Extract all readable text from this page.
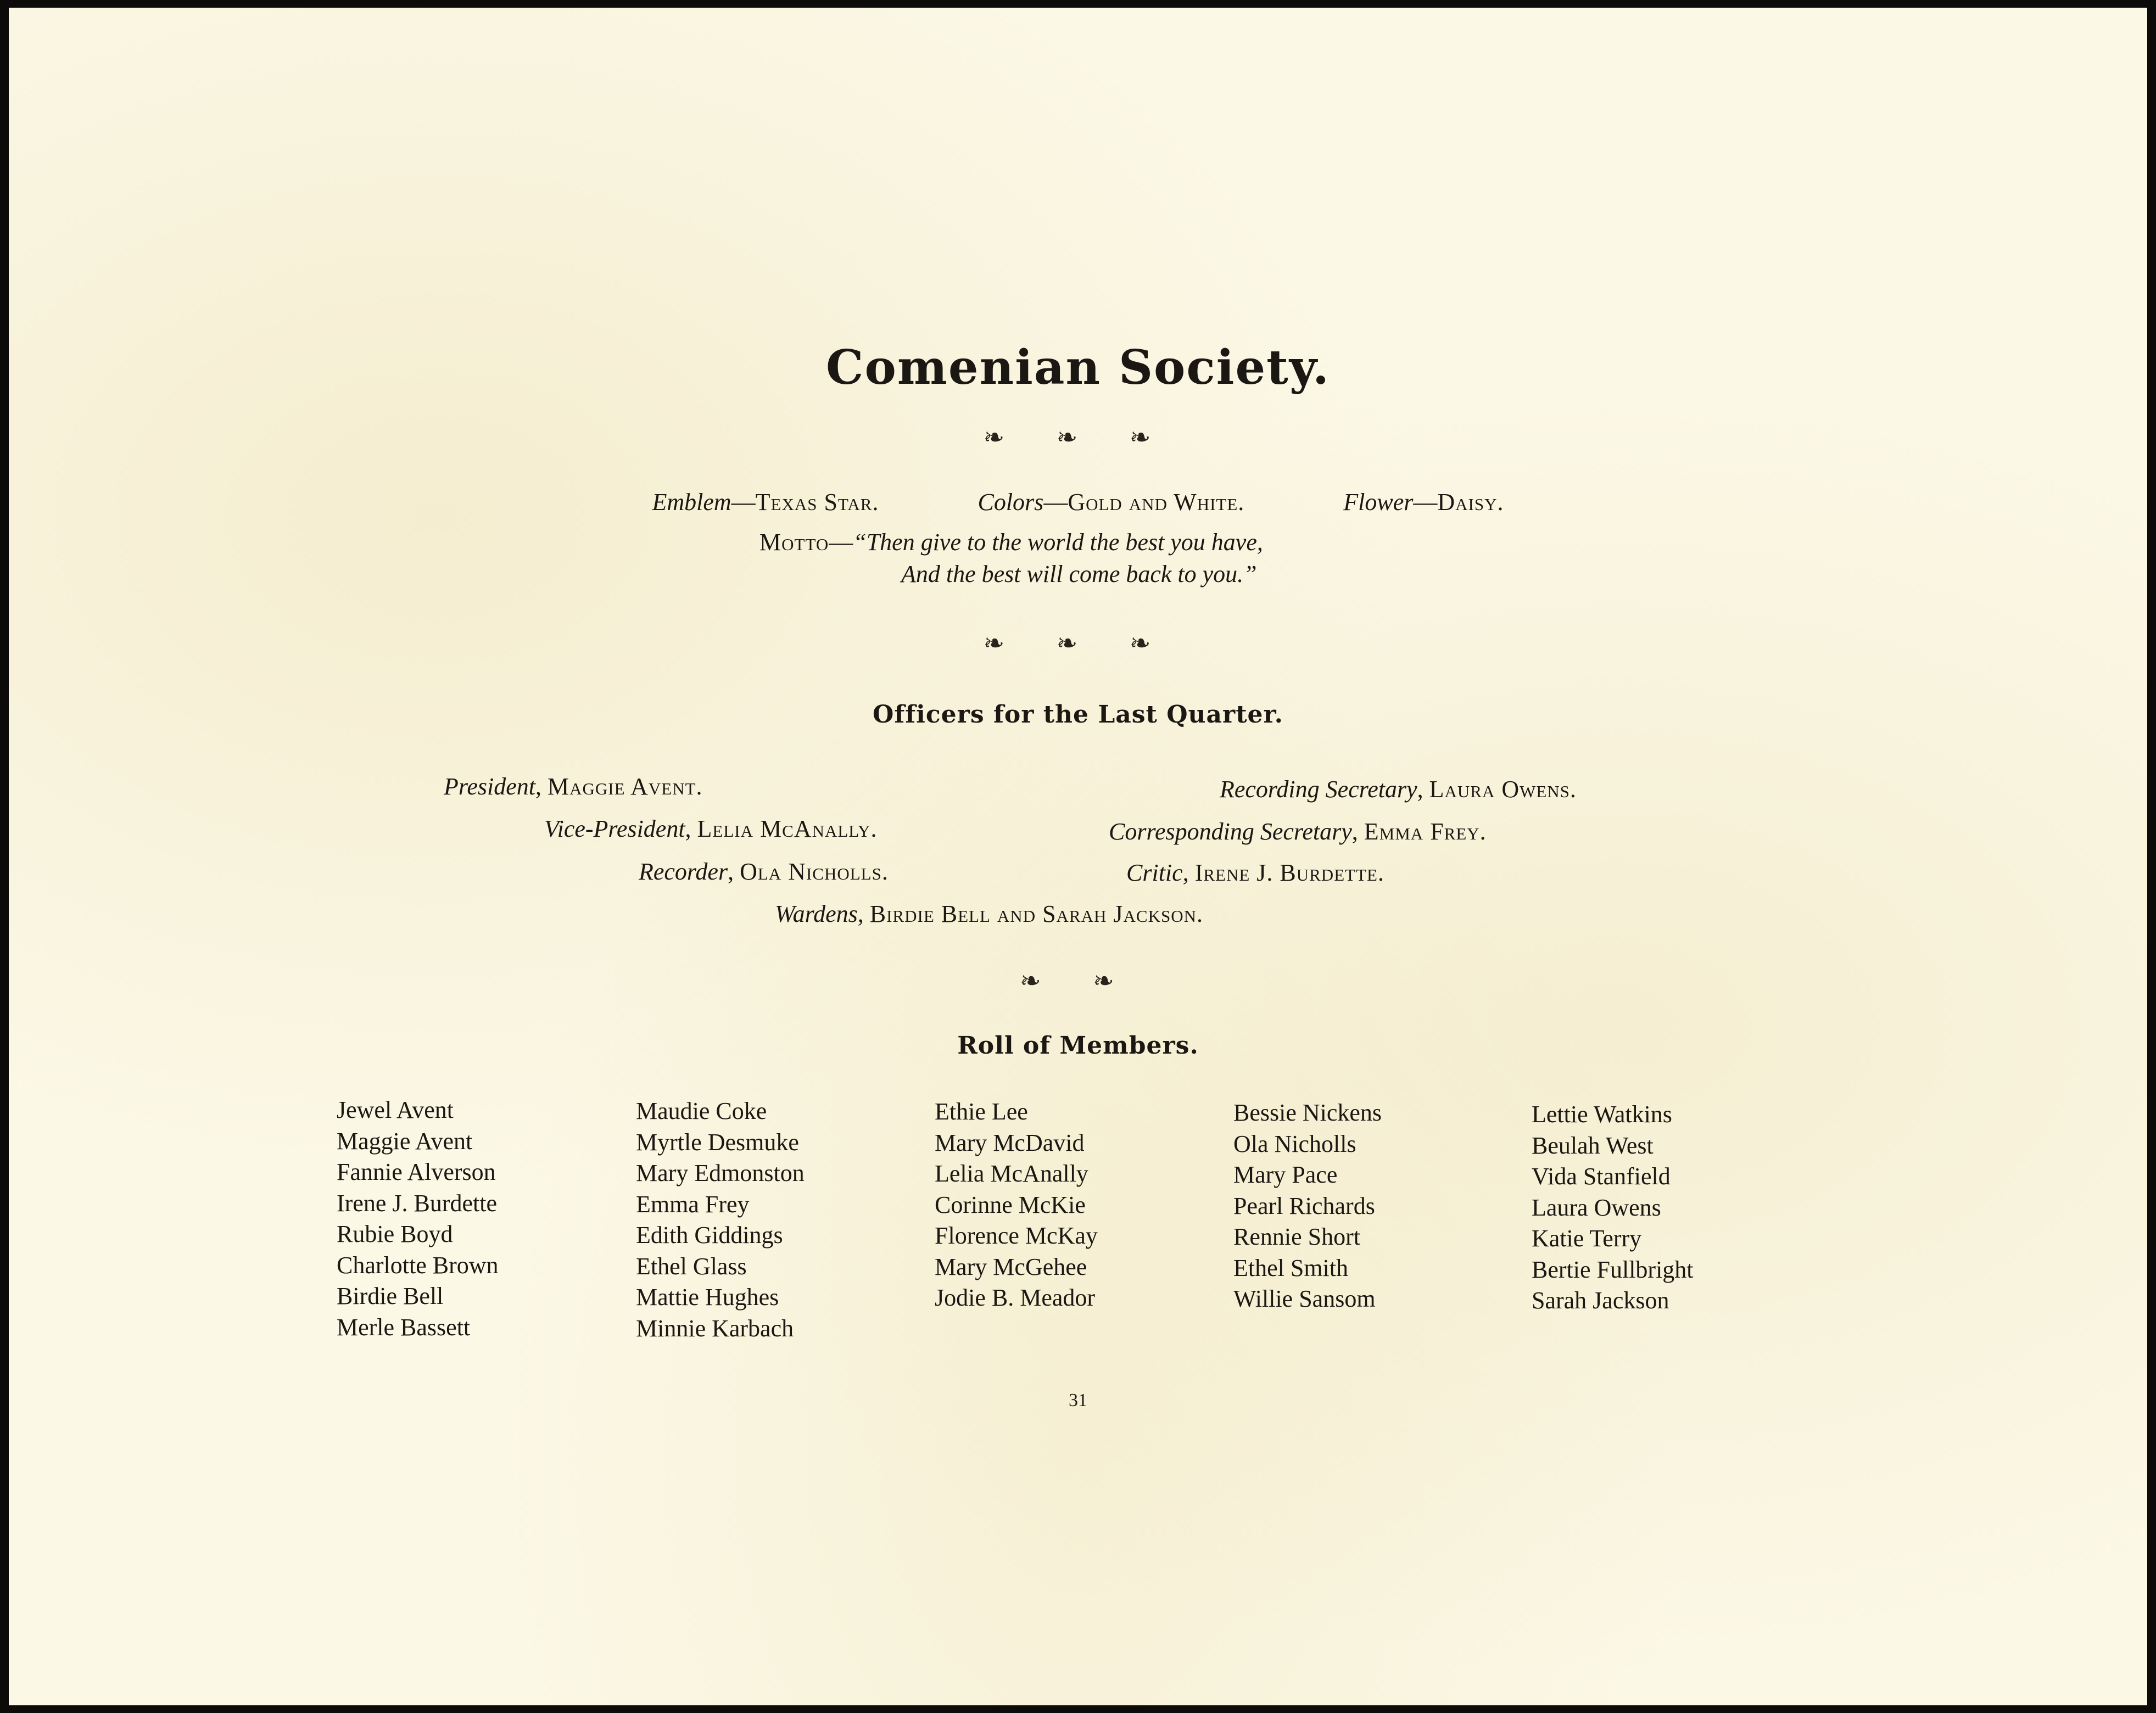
Comenian Society.
❧ ❧ ❧
Emblem—Texas Star.	Colors—Gold and White.	Flower—Daisy.
Motto—“Then give to the world the best you have,
And the best will come back to you.”
❧ ❧ ❧
Officers for the Last Quarter.
President, Maggie Avent.	Recording Secretary, Laura Owens.
Vice-President, Lelia McAnally.	Corresponding Secretary, Emma Frey.
Recorder, Ola Nicholls.	Critic, Irene J. Burdette.
Wardens, Birdie Bell and Sarah Jackson.
❧ ❧
Roll of Members.
Jewel Avent
Maggie Avent
Fannie Alverson
Irene J. Burdette
Rubie Boyd
Charlotte Brown
Birdie Bell
Merle Bassett
Maudie Coke
Myrtle Desmuke
Mary Edmonston
Emma Frey
Edith Giddings
Ethel Glass
Mattie Hughes
Minnie Karbach
Ethie Lee
Mary McDavid
Lelia McAnally
Corinne McKie
Florence McKay
Mary McGehee
Jodie B. Meador
Bessie Nickens
Ola Nicholls
Mary Pace
Pearl Richards
Rennie Short
Ethel Smith
Willie Sansom
Lettie Watkins
Beulah West
Vida Stanfield
Laura Owens
Katie Terry
Bertie Fullbright
Sarah Jackson
31
